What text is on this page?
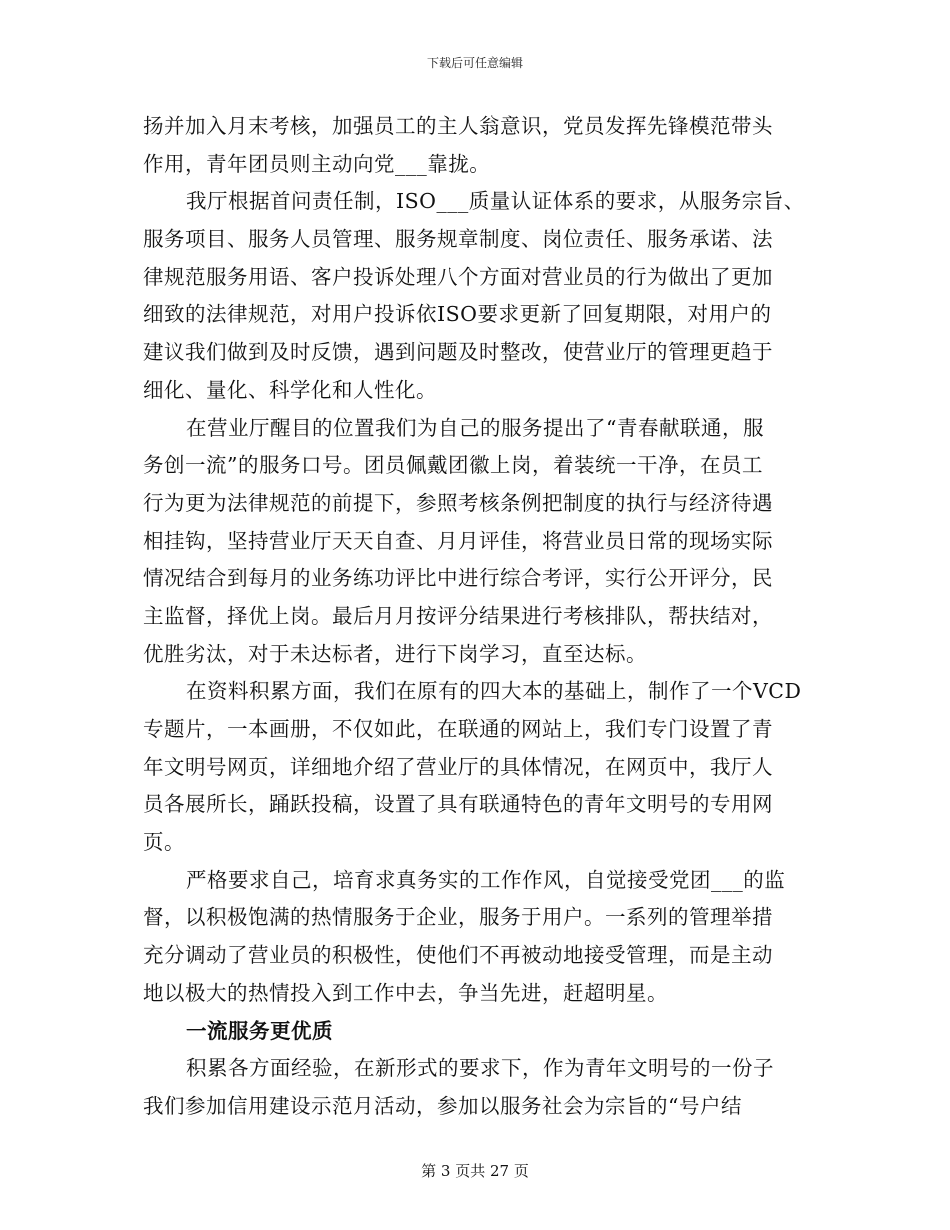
下载后可任意编辑
扬并加入月末考核，加强员工的主人翁意识，党员发挥先锋模范带头
作用，青年团员则主动向党___靠拢。
我厅根据首问责任制，ISO___质量认证体系的要求，从服务宗旨、
服务项目、服务人员管理、服务规章制度、岗位责任、服务承诺、法
律规范服务用语、客户投诉处理八个方面对营业员的行为做出了更加
细致的法律规范，对用户投诉依ISO要求更新了回复期限，对用户的
建议我们做到及时反馈，遇到问题及时整改，使营业厅的管理更趋于
细化、量化、科学化和人性化。
在营业厅醒目的位置我们为自己的服务提出了“青春献联通，服
务创一流”的服务口号。团员佩戴团徽上岗，着装统一干净，在员工
行为更为法律规范的前提下，参照考核条例把制度的执行与经济待遇
相挂钩，坚持营业厅天天自查、月月评佳，将营业员日常的现场实际
情况结合到每月的业务练功评比中进行综合考评，实行公开评分，民
主监督，择优上岗。最后月月按评分结果进行考核排队，帮扶结对，
优胜劣汰，对于未达标者，进行下岗学习，直至达标。
在资料积累方面，我们在原有的四大本的基础上，制作了一个VCD
专题片，一本画册，不仅如此，在联通的网站上，我们专门设置了青
年文明号网页，详细地介绍了营业厅的具体情况，在网页中，我厅人
员各展所长，踊跃投稿，设置了具有联通特色的青年文明号的专用网
页。
严格要求自己，培育求真务实的工作作风，自觉接受党团___的监
督，以积极饱满的热情服务于企业，服务于用户。一系列的管理举措
充分调动了营业员的积极性，使他们不再被动地接受管理，而是主动
地以极大的热情投入到工作中去，争当先进，赶超明星。
一流服务更优质
积累各方面经验，在新形式的要求下，作为青年文明号的一份子
我们参加信用建设示范月活动，参加以服务社会为宗旨的“号户结
第 3 页共 27 页
